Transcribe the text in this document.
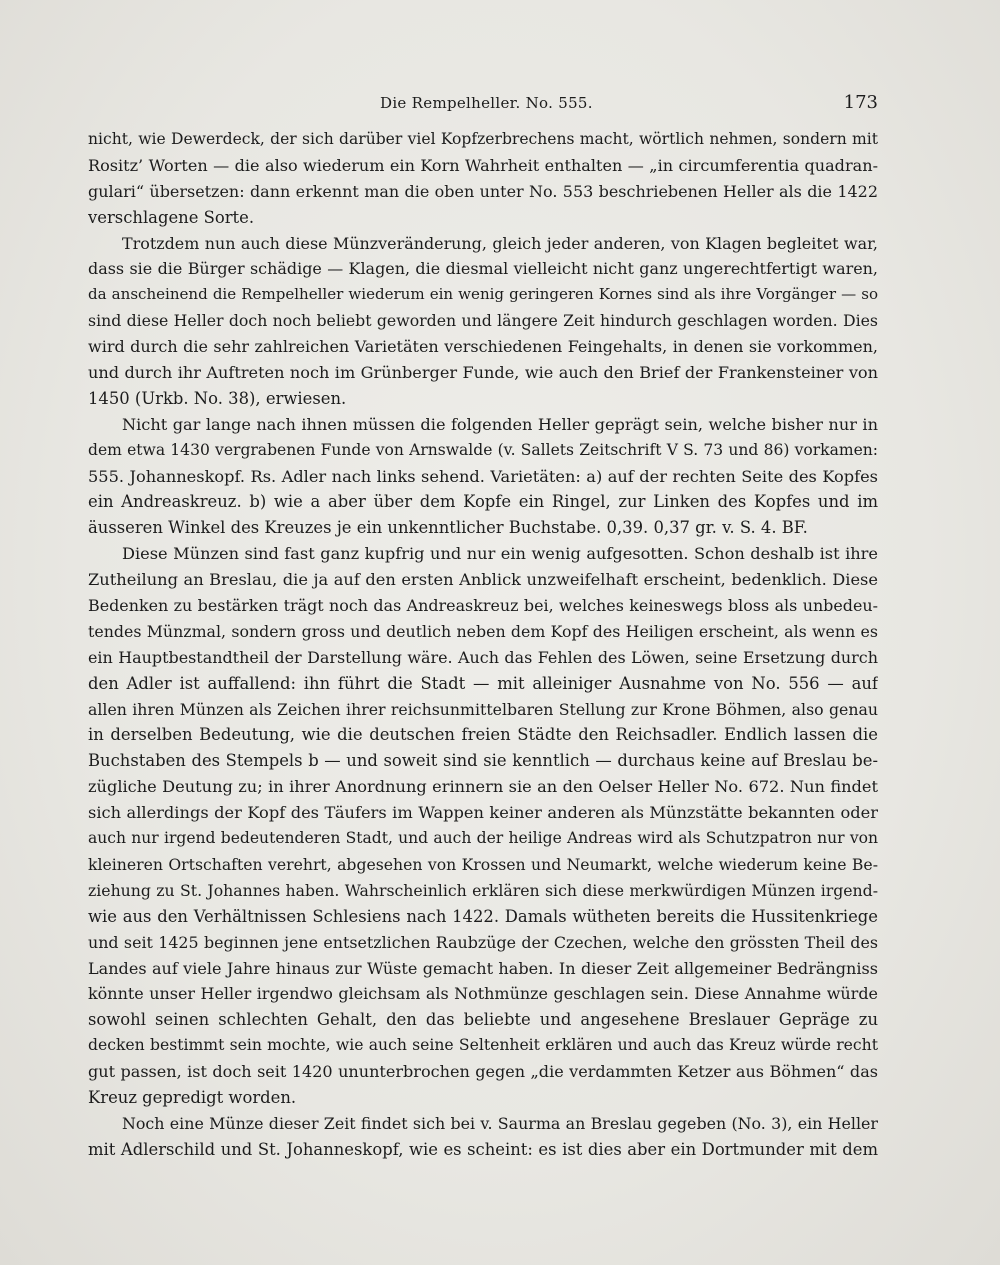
Die Rempelheller. No. 555.	173
nicht, wie Dewerdeck, der sich darüber viel Kopfzerbrechens macht, wörtlich nehmen, sondern mit
Rositz’ Worten — die also wiederum ein Korn Wahrheit enthalten — „in circumferentia quadran-
gulari“ übersetzen: dann erkennt man die oben unter No. 553 beschriebenen Heller als die 1422
verschlagene Sorte.
Trotzdem nun auch diese Münzveränderung, gleich jeder anderen, von Klagen begleitet war,
dass sie die Bürger schädige — Klagen, die diesmal vielleicht nicht ganz ungerechtfertigt waren,
da anscheinend die Rempelheller wiederum ein wenig geringeren Kornes sind als ihre Vorgänger — so
sind diese Heller doch noch beliebt geworden und längere Zeit hindurch geschlagen worden. Dies
wird durch die sehr zahlreichen Varietäten verschiedenen Feingehalts, in denen sie vorkommen,
und durch ihr Auftreten noch im Grünberger Funde, wie auch den Brief der Frankensteiner von
1450 (Urkb. No. 38), erwiesen.
Nicht gar lange nach ihnen müssen die folgenden Heller geprägt sein, welche bisher nur in
dem etwa 1430 vergrabenen Funde von Arnswalde (v. Sallets Zeitschrift V S. 73 und 86) vorkamen:
555. Johanneskopf. Rs. Adler nach links sehend. Varietäten: a) auf der rechten Seite des Kopfes
ein Andreaskreuz. b) wie a aber über dem Kopfe ein Ringel, zur Linken des Kopfes und im
äusseren Winkel des Kreuzes je ein unkenntlicher Buchstabe. 0,39. 0,37 gr. v. S. 4. BF.
Diese Münzen sind fast ganz kupfrig und nur ein wenig aufgesotten. Schon deshalb ist ihre
Zutheilung an Breslau, die ja auf den ersten Anblick unzweifelhaft erscheint, bedenklich. Diese
Bedenken zu bestärken trägt noch das Andreaskreuz bei, welches keineswegs bloss als unbedeu-
tendes Münzmal, sondern gross und deutlich neben dem Kopf des Heiligen erscheint, als wenn es
ein Hauptbestandtheil der Darstellung wäre. Auch das Fehlen des Löwen, seine Ersetzung durch
den Adler ist auffallend: ihn führt die Stadt — mit alleiniger Ausnahme von No. 556 — auf
allen ihren Münzen als Zeichen ihrer reichsunmittelbaren Stellung zur Krone Böhmen, also genau
in derselben Bedeutung, wie die deutschen freien Städte den Reichsadler. Endlich lassen die
Buchstaben des Stempels b — und soweit sind sie kenntlich — durchaus keine auf Breslau be-
zügliche Deutung zu; in ihrer Anordnung erinnern sie an den Oelser Heller No. 672. Nun findet
sich allerdings der Kopf des Täufers im Wappen keiner anderen als Münzstätte bekannten oder
auch nur irgend bedeutenderen Stadt, und auch der heilige Andreas wird als Schutzpatron nur von
kleineren Ortschaften verehrt, abgesehen von Krossen und Neumarkt, welche wiederum keine Be-
ziehung zu St. Johannes haben. Wahrscheinlich erklären sich diese merkwürdigen Münzen irgend-
wie aus den Verhältnissen Schlesiens nach 1422. Damals wütheten bereits die Hussitenkriege
und seit 1425 beginnen jene entsetzlichen Raubzüge der Czechen, welche den grössten Theil des
Landes auf viele Jahre hinaus zur Wüste gemacht haben. In dieser Zeit allgemeiner Bedrängniss
könnte unser Heller irgendwo gleichsam als Nothmünze geschlagen sein. Diese Annahme würde
sowohl seinen schlechten Gehalt, den das beliebte und angesehene Breslauer Gepräge zu
decken bestimmt sein mochte, wie auch seine Seltenheit erklären und auch das Kreuz würde recht
gut passen, ist doch seit 1420 ununterbrochen gegen „die verdammten Ketzer aus Böhmen“ das
Kreuz gepredigt worden.
Noch eine Münze dieser Zeit findet sich bei v. Saurma an Breslau gegeben (No. 3), ein Heller
mit Adlerschild und St. Johanneskopf, wie es scheint: es ist dies aber ein Dortmunder mit dem
